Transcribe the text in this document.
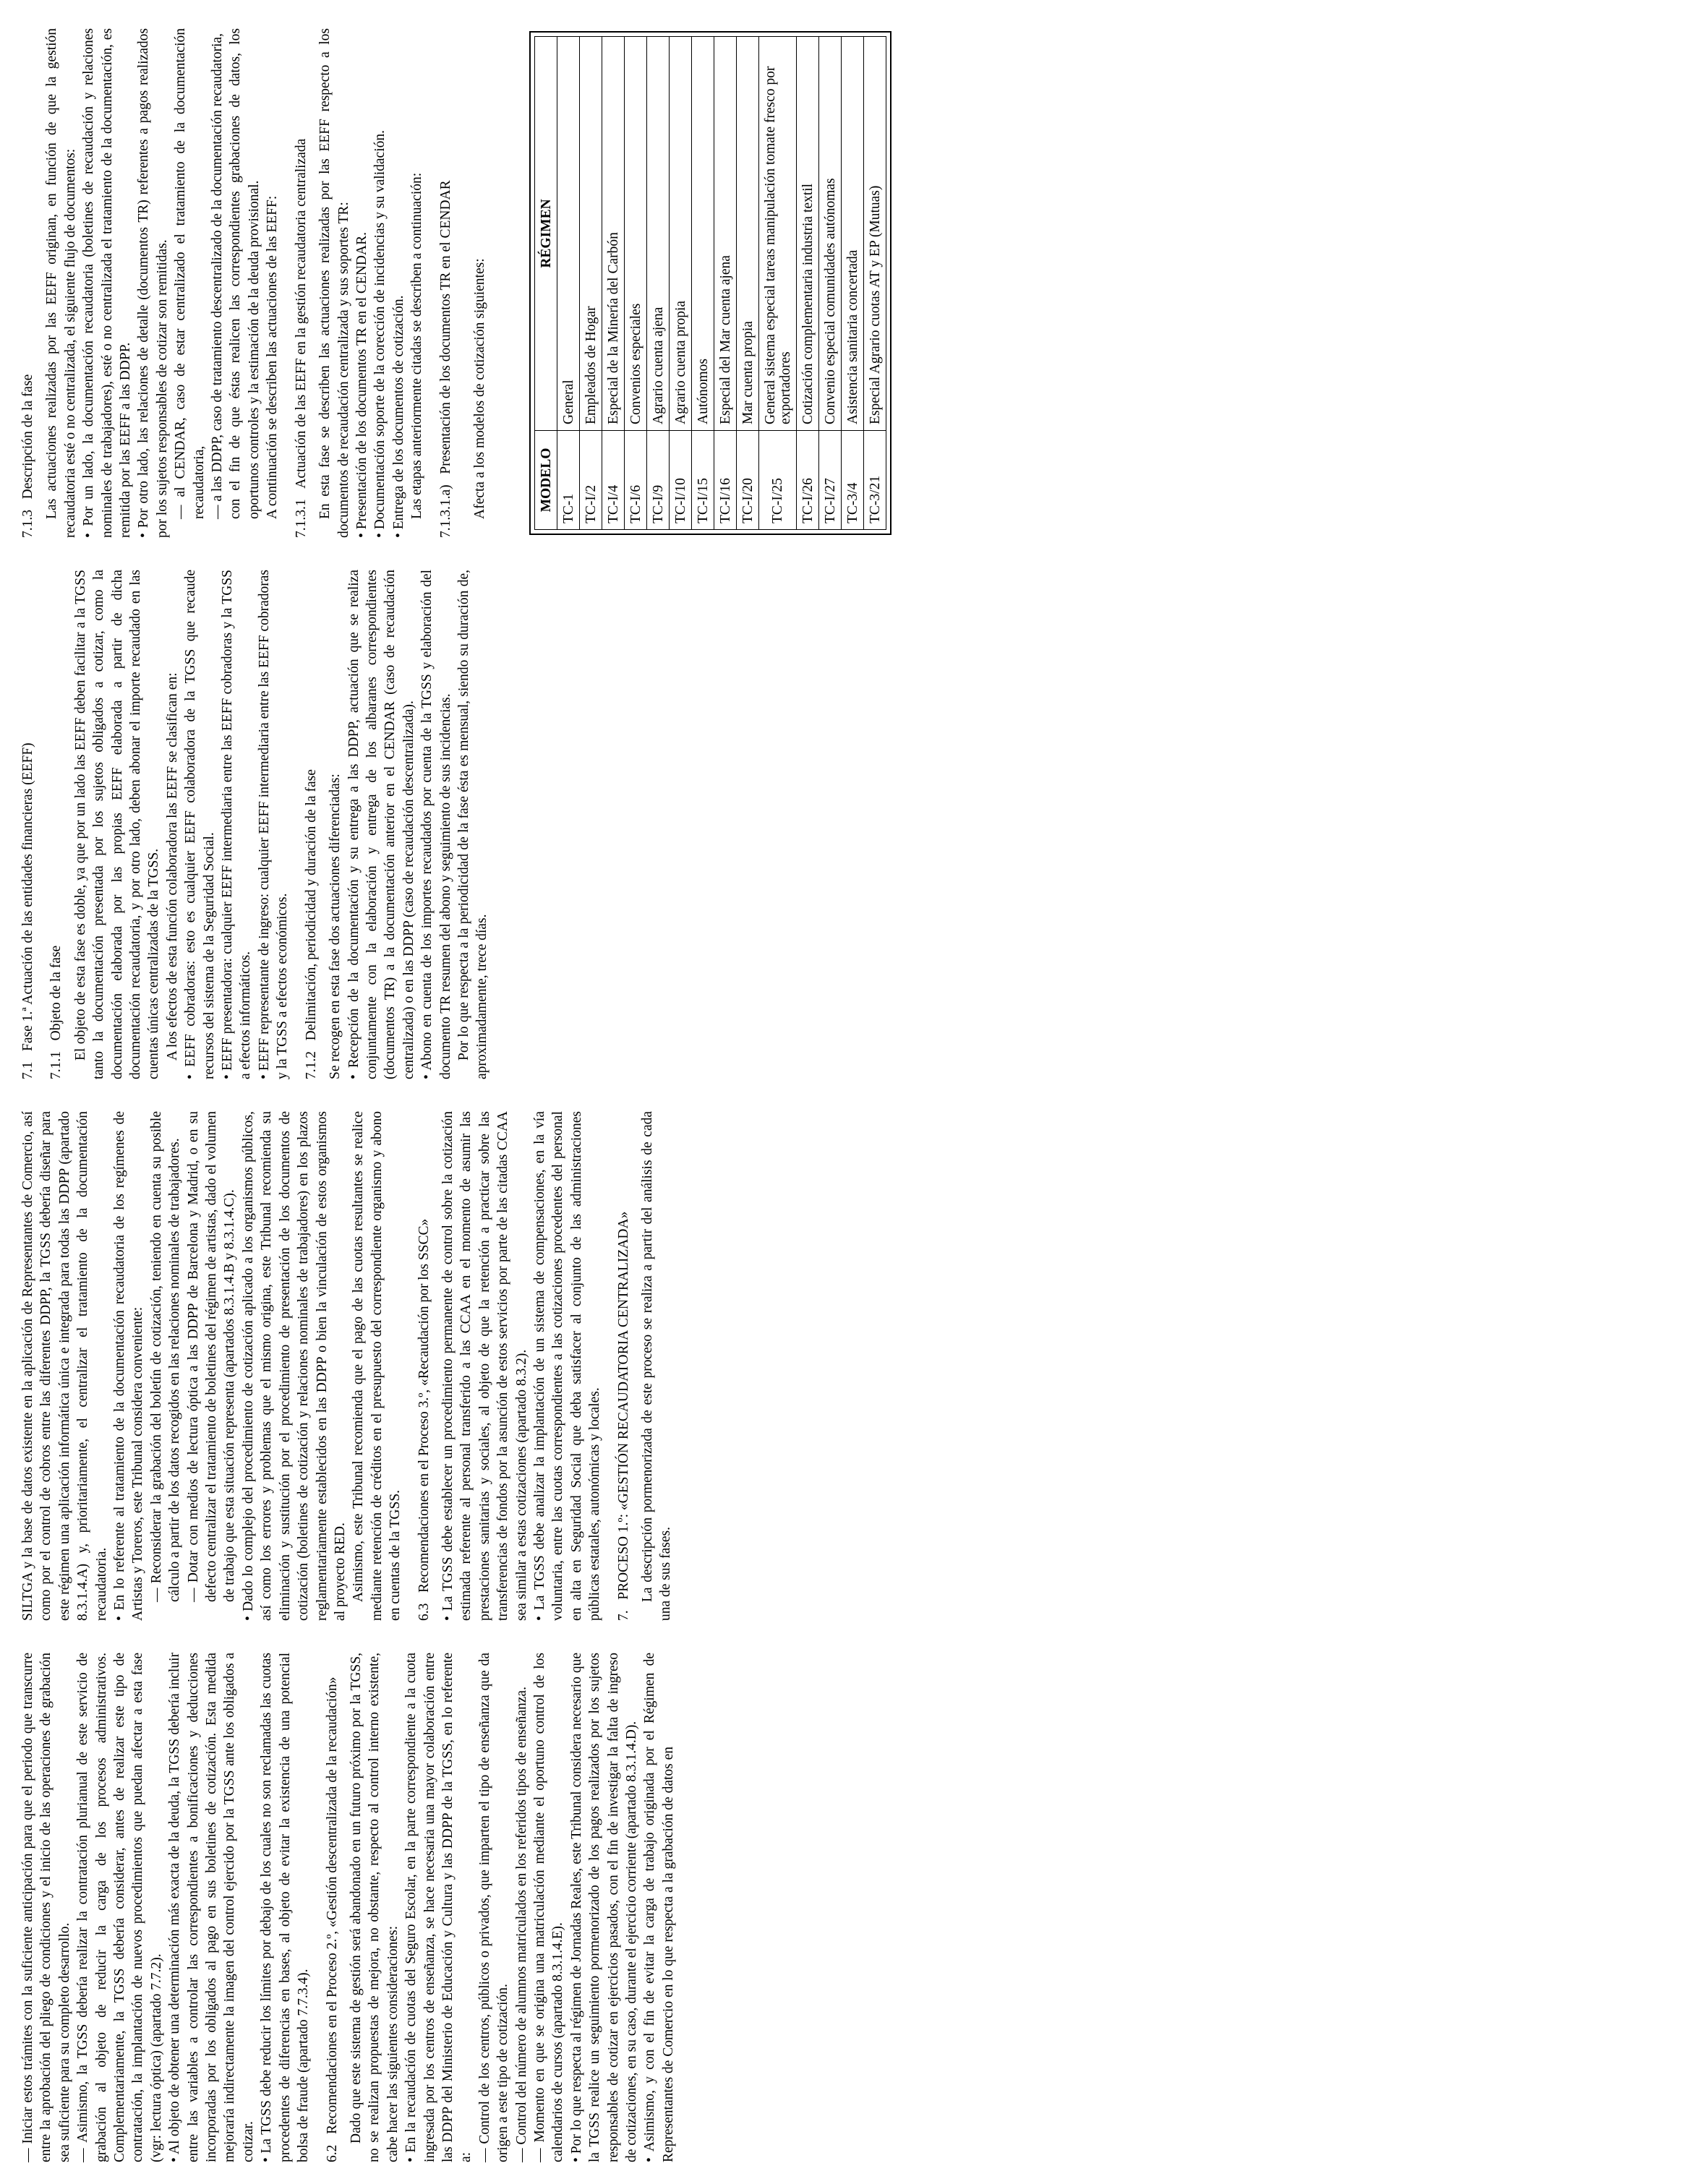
— Iniciar estos trámites con la suficiente anticipación para que el periodo que transcurre entre la aprobación del pliego de condiciones y el inicio de las operaciones de grabación sea suficiente para su completo desarrollo. — Asimismo, la TGSS debería realizar la contratación plurianual de este servicio de grabación al objeto de reducir la carga de los procesos administrativos. Complementariamente, la TGSS debería considerar, antes de realizar este tipo de contratación, la implantación de nuevos procedimientos que puedan afectar a esta fase (vgr: lectura óptica) (apartado 7.7.2). • Al objeto de obtener una determinación más exacta de la deuda, la TGSS debería incluir entre las variables a controlar las correspondientes a bonificaciones y deducciones incorporadas por los obligados al pago en sus boletines de cotización. Esta medida mejoraría indirectamente la imagen del control ejercido por la TGSS ante los obligados a cotizar. • La TGSS debe reducir los límites por debajo de los cuales no son reclamadas las cuotas procedentes de diferencias en bases, al objeto de evitar la existencia de una potencial bolsa de fraude (apartado 7.7.3.4). 6.2   Recomendaciones en el Proceso 2.º, «Gestión descentralizada de la recaudación» Dado que este sistema de gestión será abandonado en un futuro próximo por la TGSS, no se realizan propuestas de mejora, no obstante, respecto al control interno existente, cabe hacer las siguientes consideraciones: • En la recaudación de cuotas del Seguro Escolar, en la parte correspondiente a la cuota ingresada por los centros de enseñanza, se hace necesaria una mayor colaboración entre las DDPP del Ministerio de Educación y Cultura y las DDPP de la TGSS, en lo referente a: — Control de los centros, públicos o privados, que imparten el tipo de enseñanza que da origen a este tipo de cotización. — Control del número de alumnos matriculados en los referidos tipos de enseñanza. — Momento en que se origina una matriculación mediante el oportuno control de los calendarios de cursos (apartado 8.3.1.4.E). • Por lo que respecta al régimen de Jornadas Reales, este Tribunal considera necesario que la TGSS realice un seguimiento pormenorizado de los pagos realizados por los sujetos responsables de cotizar en ejercicios pasados, con el fin de investigar la falta de ingreso de cotizaciones, en su caso, durante el ejercicio corriente (apartado 8.3.1.4.D). • Asimismo, y con el fin de evitar la carga de trabajo originada por el Régimen de Representantes de Comercio en lo que respecta a la grabación de datos en

SILTGA y la base de datos existente en la aplicación de Representantes de Comercio, así como por el control de cobros entre las diferentes DDPP, la TGSS debería diseñar para este régimen una aplicación informática única e integrada para todas las DDPP (apartado 8.3.1.4.A) y, prioritariamente, el centralizar el tratamiento de la documentación recaudatoria. • En lo referente al tratamiento de la documentación recaudatoria de los regímenes de Artistas y Toreros, este Tribunal considera conveniente: — Reconsiderar la grabación del boletín de cotización, teniendo en cuenta su posible cálculo a partir de los datos recogidos en las relaciones nominales de trabajadores. — Dotar con medios de lectura óptica a las DDPP de Barcelona y Madrid, o en su defecto centralizar el tratamiento de boletines del régimen de artistas, dado el volumen de trabajo que esta situación representa (apartados 8.3.1.4.B y 8.3.1.4.C). • Dado lo complejo del procedimiento de cotización aplicado a los organismos públicos, así como los errores y problemas que el mismo origina, este Tribunal recomienda su eliminación y sustitución por el procedimiento de presentación de los documentos de cotización (boletines de cotización y relaciones nominales de trabajadores) en los plazos reglamentariamente establecidos en las DDPP o bien la vinculación de estos organismos al proyecto RED. Asimismo, este Tribunal recomienda que el pago de las cuotas resultantes se realice mediante retención de créditos en el presupuesto del correspondiente organismo y abono en cuentas de la TGSS. 6.3   Recomendaciones en el Proceso 3.º, «Recaudación por los SSCC» • La TGSS debe establecer un procedimiento permanente de control sobre la cotización estimada referente al personal transferido a las CCAA en el momento de asumir las prestaciones sanitarias y sociales, al objeto de que la retención a practicar sobre las transferencias de fondos por la asunción de estos servicios por parte de las citadas CCAA sea similar a estas cotizaciones (apartado 8.3.2). • La TGSS debe analizar la implantación de un sistema de compensaciones, en la vía voluntaria, entre las cuotas correspondientes a las cotizaciones procedentes del personal en alta en Seguridad Social que deba satisfacer al conjunto de las administraciones públicas estatales, autonómicas y locales. 7.   PROCESO 1.º: «GESTIÓN RECAUDATORIA CENTRALIZADA» La descripción pormenorizada de este proceso se realiza a partir del análisis de cada una de sus fases.

7.1   Fase 1.ª Actuación de las entidades financieras (EEFF)
7.1.1   Objeto de la fase El objeto de esta fase es doble, ya que por un lado las EEFF deben facilitar a la TGSS tanto la documentación presentada por los sujetos obligados a cotizar, como la documentación elaborada por las propias EEFF elaborada a partir de dicha documentación recaudatoria, y por otro lado, deben abonar el importe recaudado en las cuentas únicas centralizadas de la TGSS. A los efectos de esta función colaboradora las EEFF se clasifican en: • EEFF cobradoras: esto es cualquier EEFF colaboradora de la TGSS que recaude recursos del sistema de la Seguridad Social. • EEFF presentadora: cualquier EEFF intermediaria entre las EEFF cobradoras y la TGSS a efectos informáticos. • EEFF representante de ingreso: cualquier EEFF intermediaria entre las EEFF cobradoras y la TGSS a efectos económicos. 7.1.2   Delimitación, periodicidad y duración de la fase Se recogen en esta fase dos actuaciones diferenciadas: • Recepción de la documentación y su entrega a las DDPP, actuación que se realiza conjuntamente con la elaboración y entrega de los albaranes correspondientes (documentos TR) a la documentación anterior en el CENDAR (caso de recaudación centralizada) o en las DDPP (caso de recaudación descentralizada). • Abono en cuenta de los importes recaudados por cuenta de la TGSS y elaboración del documento TR resumen del abono y seguimiento de sus incidencias. Por lo que respecta a la periodicidad de la fase ésta es mensual, siendo su duración de, aproximadamente, trece días.

7.1.3   Descripción de la fase Las actuaciones realizadas por las EEFF originan, en función de que la gestión recaudatoria esté o no centralizada, el siguiente flujo de documentos: • Por un lado, la documentación recaudatoria (boletines de recaudación y relaciones nominales de trabajadores), esté o no centralizada el tratamiento de la documentación, es remitida por las EEFF a las DDPP. • Por otro lado, las relaciones de detalle (documentos TR) referentes a pagos realizados por los sujetos responsables de cotizar son remitidas. — al CENDAR, caso de estar centralizado el tratamiento de la documentación recaudatoria, — a las DDPP, caso de tratamiento descentralizado de la documentación recaudatoria, con el fin de que éstas realicen las correspondientes grabaciones de datos, los oportunos controles y la estimación de la deuda provisional. A continuación se describen las actuaciones de las EEFF: 7.1.3.1   Actuación de las EEFF en la gestión recaudatoria centralizada En esta fase se describen las actuaciones realizadas por las EEFF respecto a los documentos de recaudación centralizada y sus soportes TR: • Presentación de los documentos TR en el CENDAR. • Documentación soporte de la corección de incidencias y su validación. • Entrega de los documentos de cotización. Las etapas anteriormente citadas se describen a continuación: 7.1.3.1.a)   Presentación de los documentos TR en el CENDAR Afecta a los modelos de cotización siguientes:	MODELO	RÉGIMEN
TC-1	General
TC-I/2	Empleados de Hogar
TC-I/4	Especial de la Minería del Carbón
TC-I/6	Convenios especiales
TC-I/9	Agrario cuenta ajena
TC-I/10	Agrario cuenta propia
TC-I/15	Autónomos
TC-I/16	Especial del Mar cuenta ajena
TC-I/20	Mar cuenta propia
TC-I/25	General sistema especial tareas manipulación tomate fresco por exportadores
TC-I/26	Cotización complementaria industria textil
TC-I/27	Convenio especial comunidades autónomas
TC-3/4	Asistencia sanitaria concertada
TC-3/21	Especial Agrario cuotas AT y EP (Mutuas)
